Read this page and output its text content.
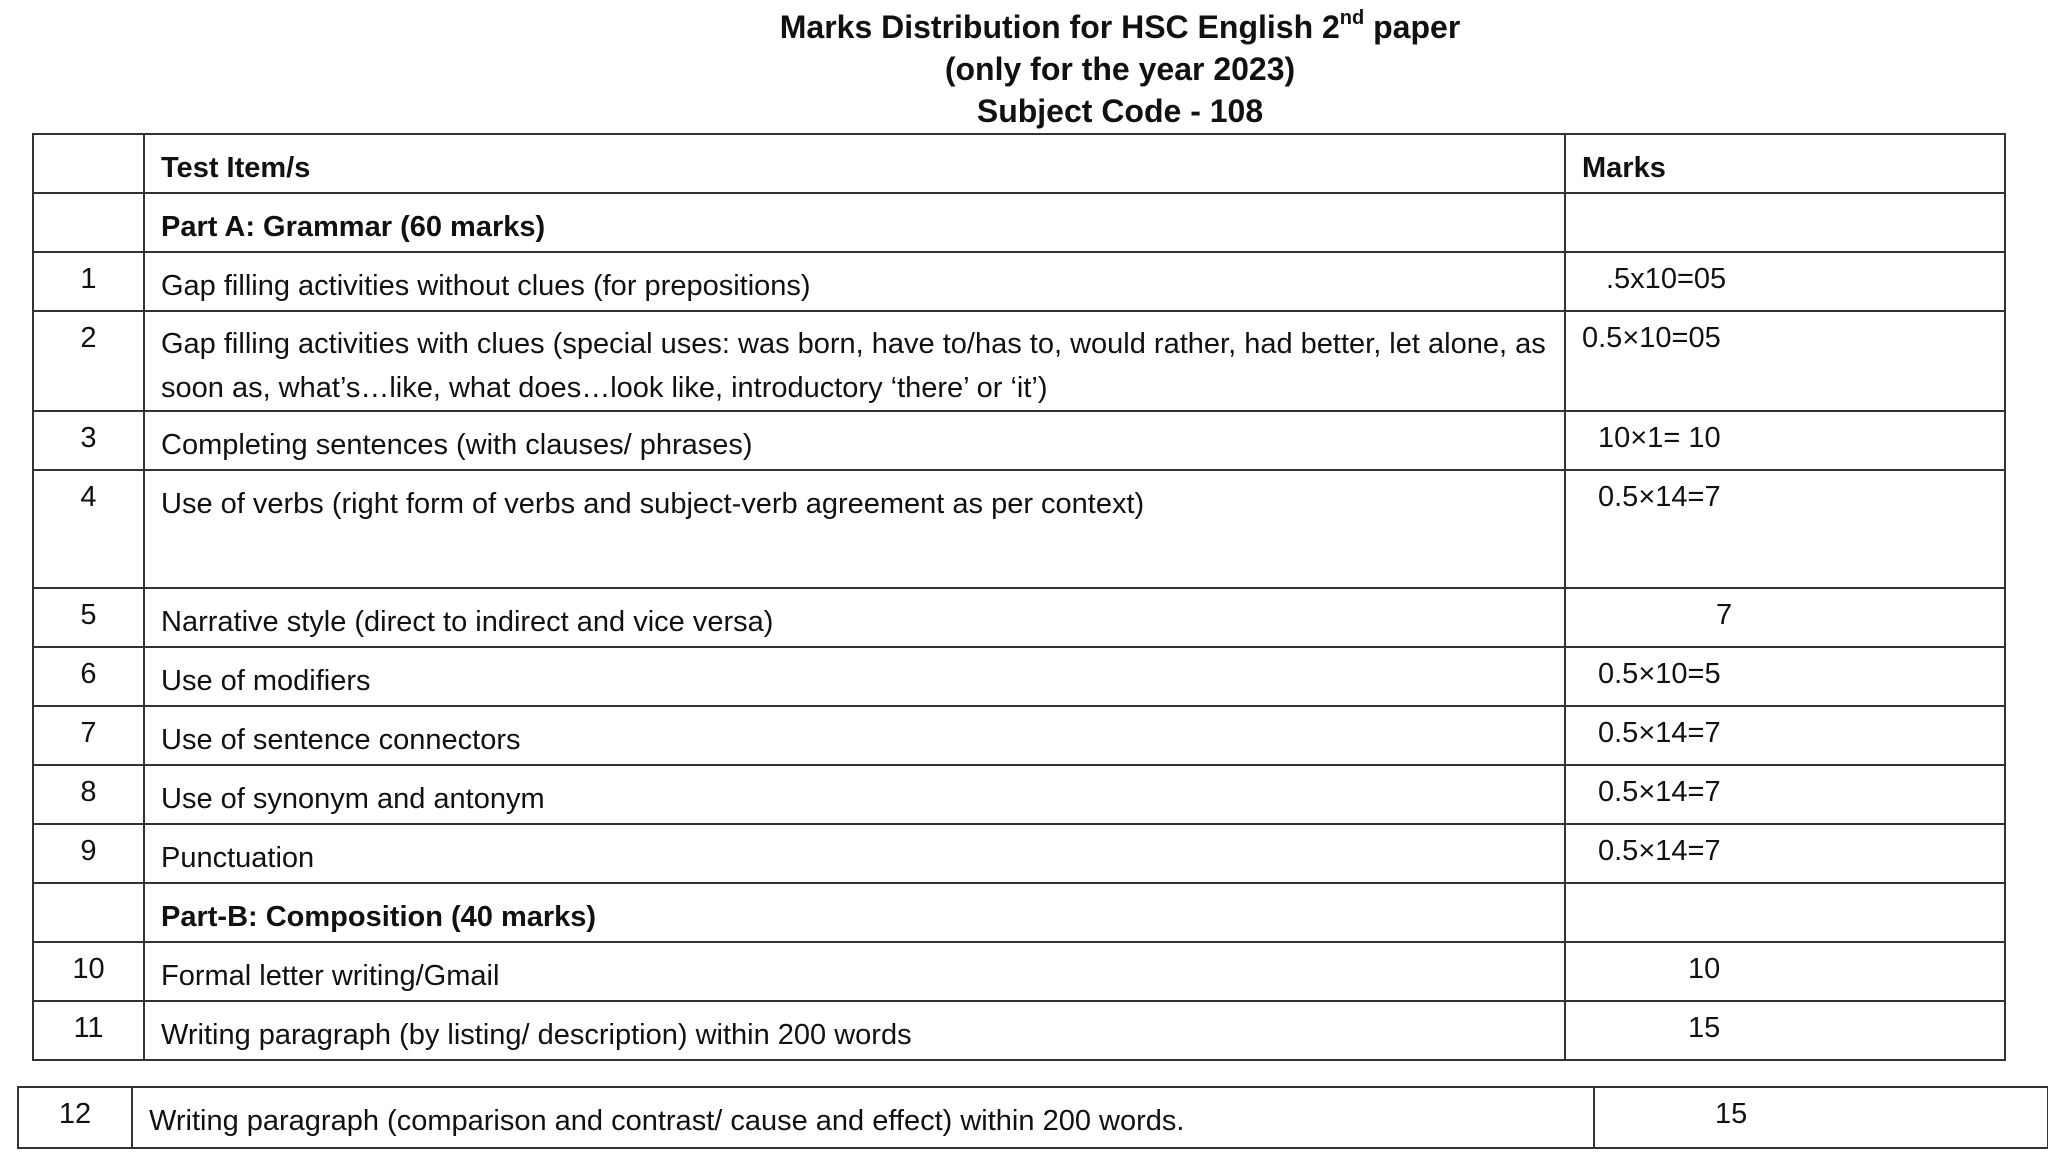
Marks Distribution for HSC English 2nd paper
(only for the year 2023)
Subject Code - 108
	Test Item/s	Marks
	Part A: Grammar (60 marks)	
1	Gap filling activities without clues (for prepositions)	.5x10=05
2	Gap filling activities with clues (special uses: was born, have to/has to, would rather, had better, let alone, as soon as, what’s…like, what does…look like, introductory ‘there’ or ‘it’)	0.5×10=05
3	Completing sentences (with clauses/ phrases)	10×1= 10
4	Use of verbs (right form of verbs and subject-verb agreement as per context)	0.5×14=7
5	Narrative style (direct to indirect and vice versa)	7
6	Use of modifiers	0.5×10=5
7	Use of sentence connectors	0.5×14=7
8	Use of synonym and antonym	0.5×14=7
9	Punctuation	0.5×14=7
	Part-B: Composition (40 marks)	
10	Formal letter writing/Gmail	10
11	Writing paragraph (by listing/ description) within 200 words	15
12	Writing paragraph (comparison and contrast/ cause and effect) within 200 words.	15
